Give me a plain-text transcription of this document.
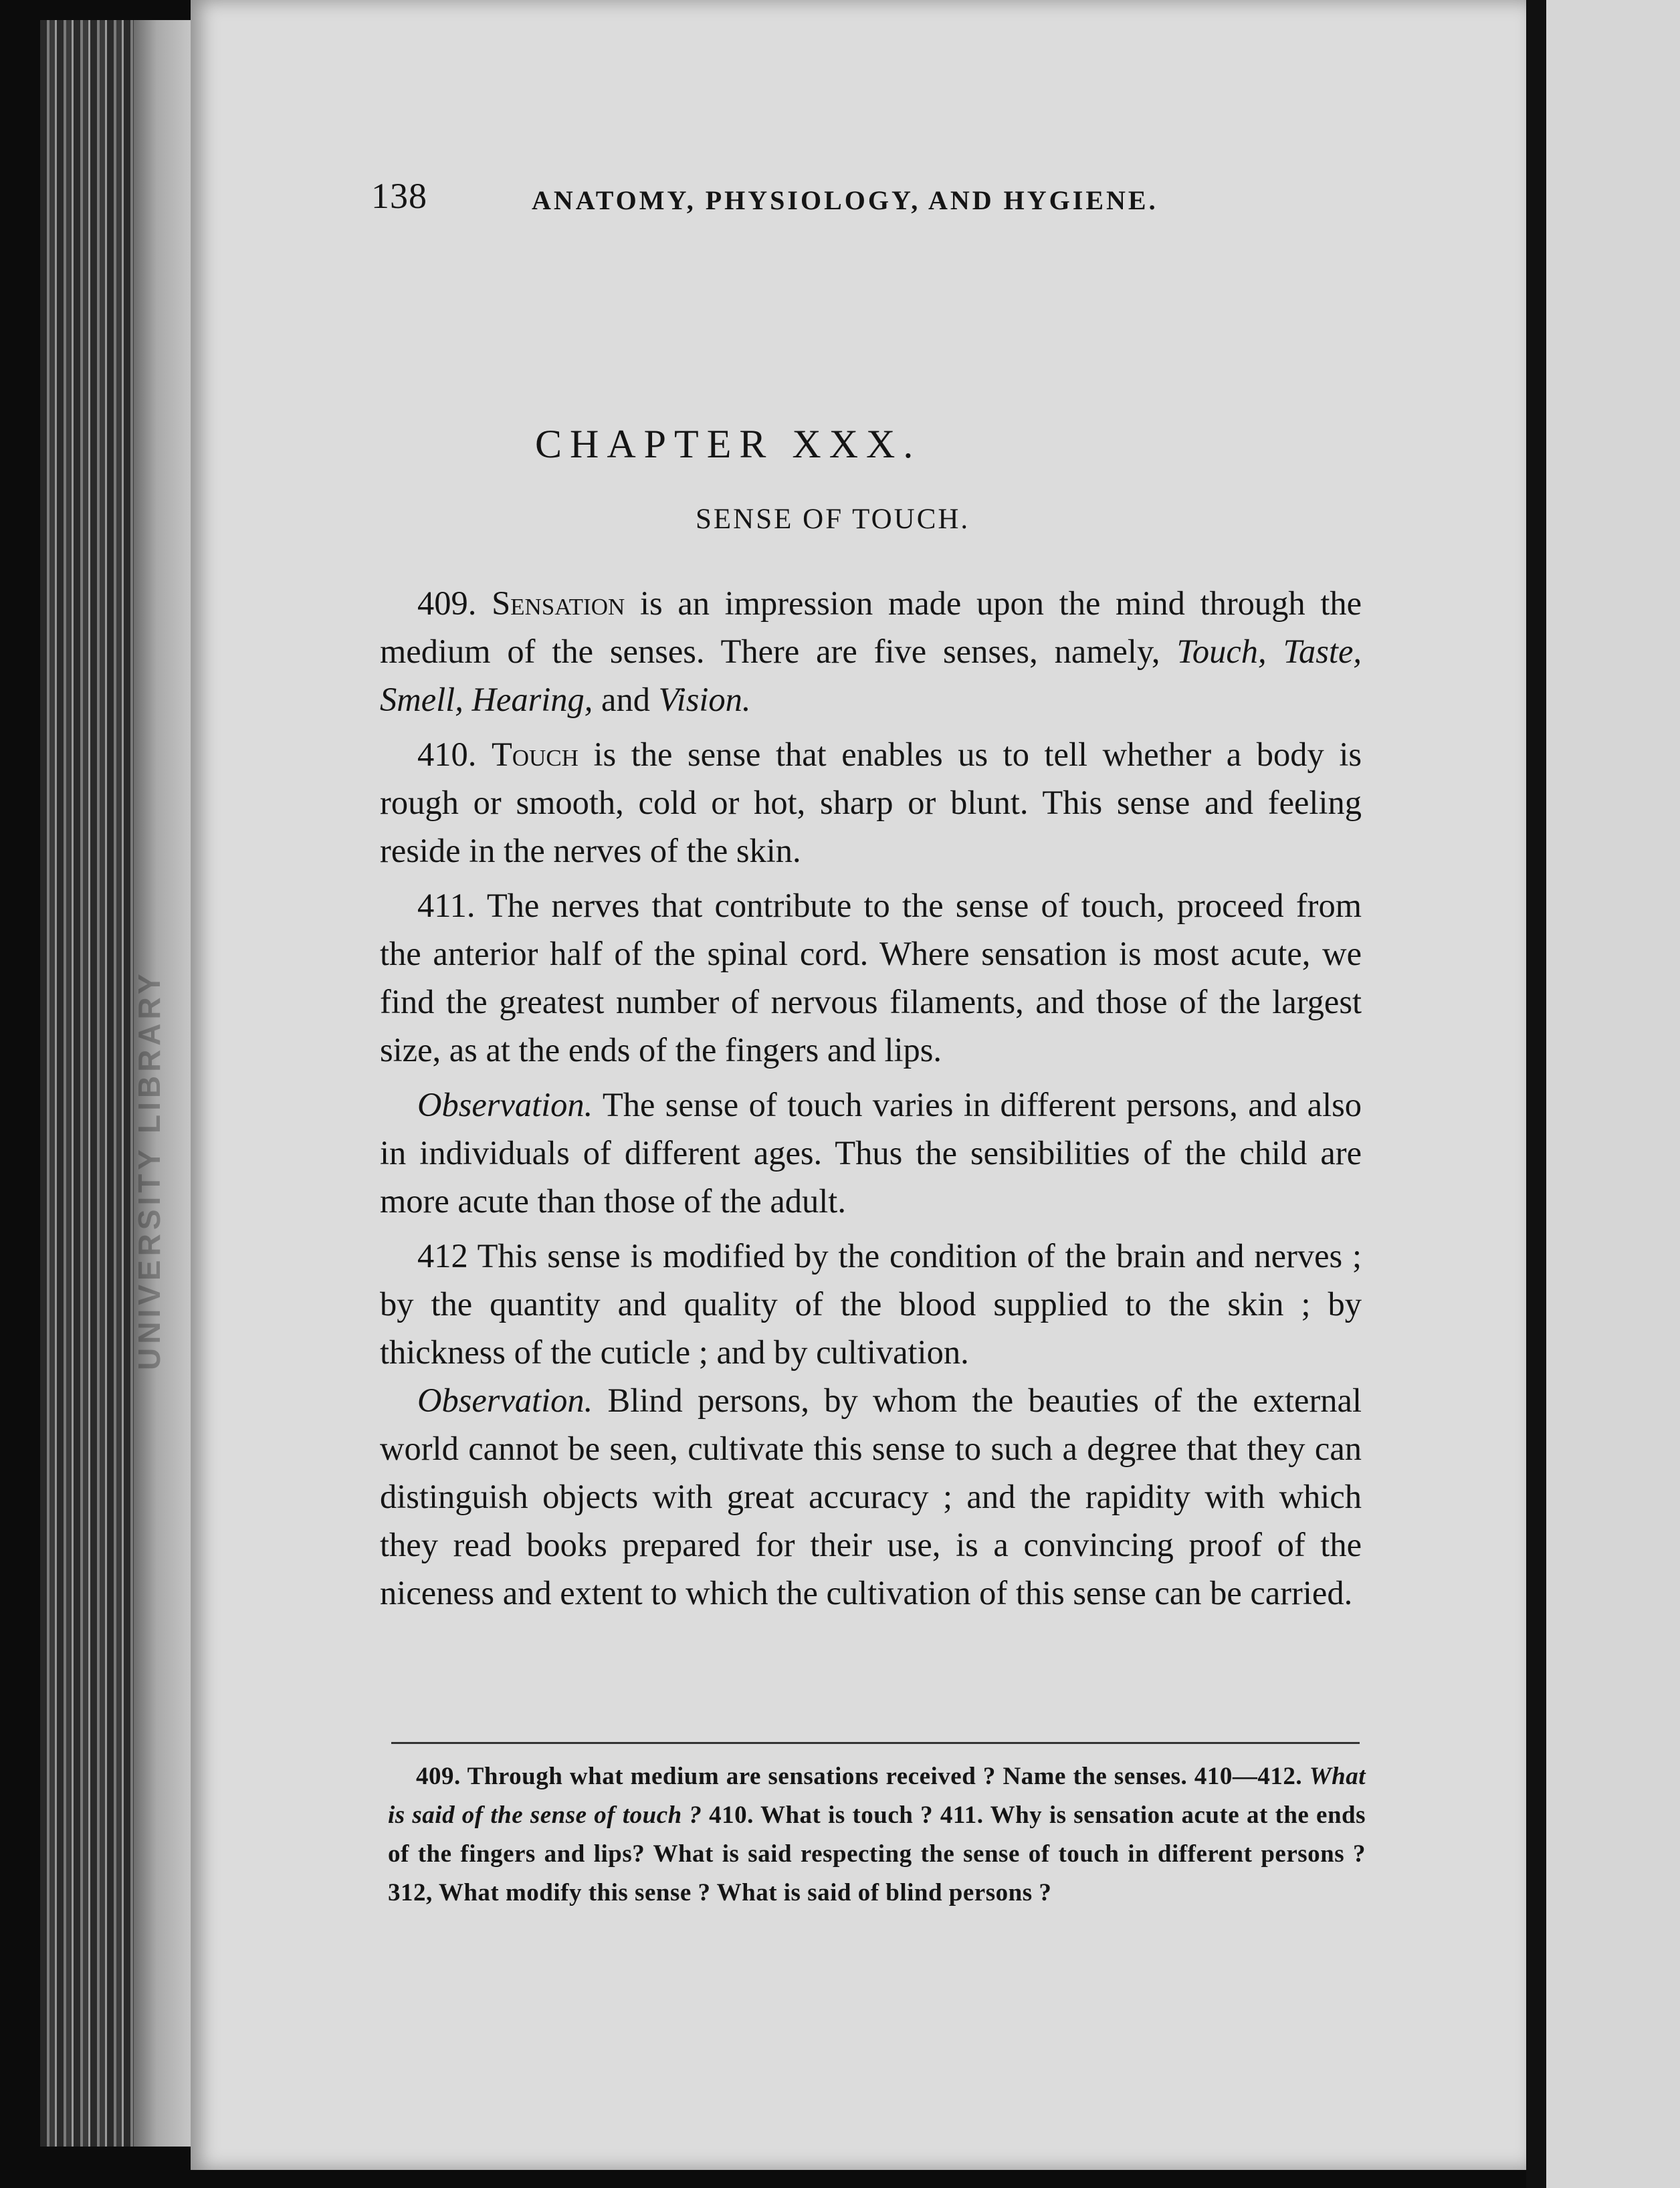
UNIVERSITY LIBRARY
138	ANATOMY, PHYSIOLOGY, AND HYGIENE.
CHAPTER XXX.
SENSE OF TOUCH.

409. Sensation is an impression made upon the mind through the medium of the senses. There are five senses, namely, Touch, Taste, Smell, Hearing, and Vision.

410. Touch is the sense that enables us to tell whether a body is rough or smooth, cold or hot, sharp or blunt. This sense and feeling reside in the nerves of the skin.

411. The nerves that contribute to the sense of touch, proceed from the anterior half of the spinal cord. Where sensation is most acute, we find the greatest number of nervous filaments, and those of the largest size, as at the ends of the fingers and lips.

Observation. The sense of touch varies in different persons, and also in individuals of different ages. Thus the sensibilities of the child are more acute than those of the adult.

412 This sense is modified by the condition of the brain and nerves ; by the quantity and quality of the blood supplied to the skin ; by thickness of the cuticle ; and by cultivation.

Observation. Blind persons, by whom the beauties of the external world cannot be seen, cultivate this sense to such a degree that they can distinguish objects with great accuracy ; and the rapidity with which they read books prepared for their use, is a convincing proof of the niceness and extent to which the cultivation of this sense can be carried.

409. Through what medium are sensations received ? Name the senses. 410—412. What is said of the sense of touch ? 410. What is touch ? 411. Why is sensation acute at the ends of the fingers and lips? What is said respecting the sense of touch in different persons ? 312, What modify this sense ? What is said of blind persons ?
